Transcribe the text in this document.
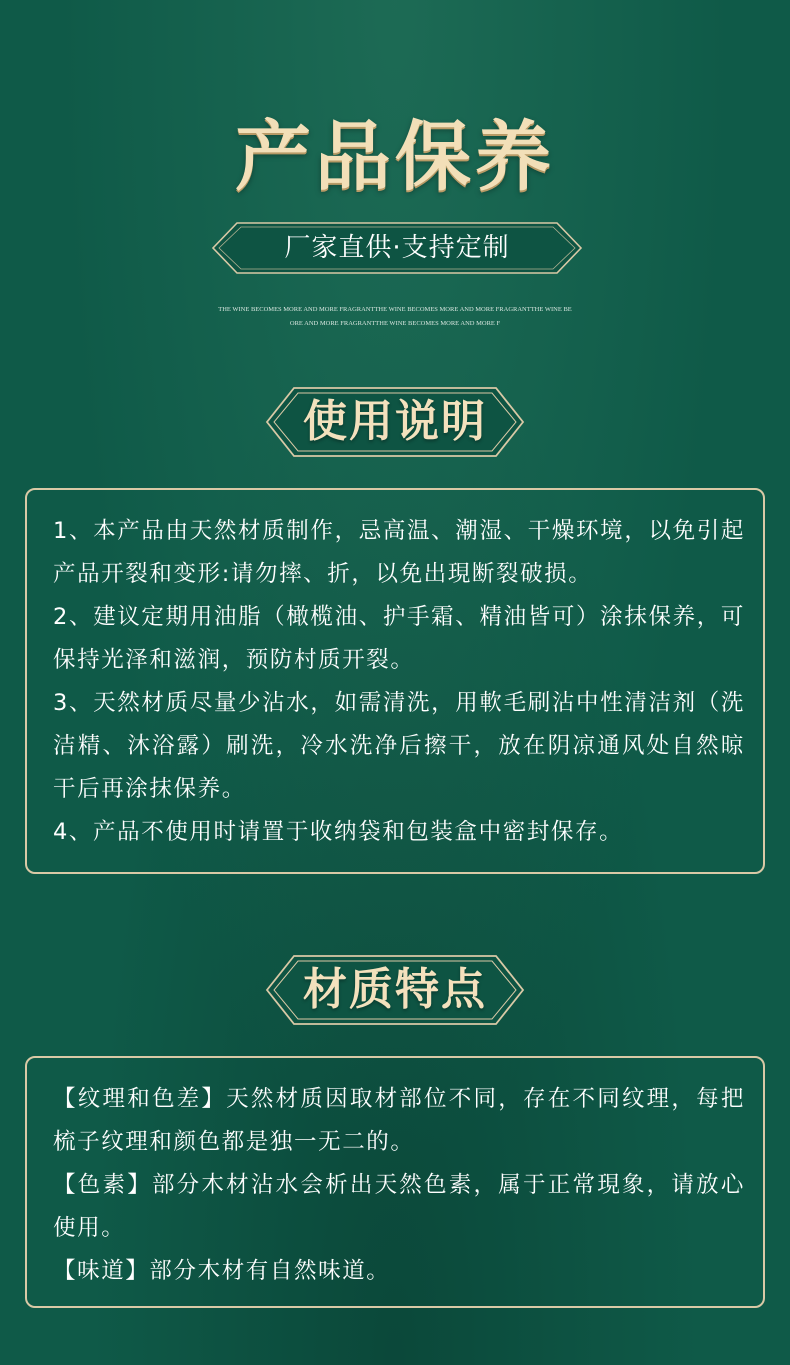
产品保养
厂家直供·支持定制
THE WINE BECOMES MORE AND MORE FRAGRANTTHE WINE BECOMES MORE AND MORE FRAGRANTTHE WINE BE
ORE AND MORE FRAGRANTTHE WINE BECOMES MORE AND MORE F
使用说明

1、本产品由天然材质制作，忌高温、潮湿、干燥环境，以免引起产品开裂和变形:请勿摔、折，以免出現断裂破损。

2、建议定期用油脂（橄榄油、护手霜、精油皆可）涂抹保养，可保持光泽和滋润，预防村质开裂。

3、天然材质尽量少沾水，如需清洗，用軟毛刷沾中性清洁剂（洗洁精、沐浴露）刷洗，冷水洗净后擦干，放在阴凉通风处自然晾干后再涂抹保养。

4、产品不使用时请置于收纳袋和包装盒中密封保存。

材质特点

【纹理和色差】天然材质因取材部位不同，存在不同纹理，每把梳子纹理和颜色都是独一无二的。

【色素】部分木材沾水会析出天然色素，属于正常現象，请放心使用。

【味道】部分木材有自然味道。
